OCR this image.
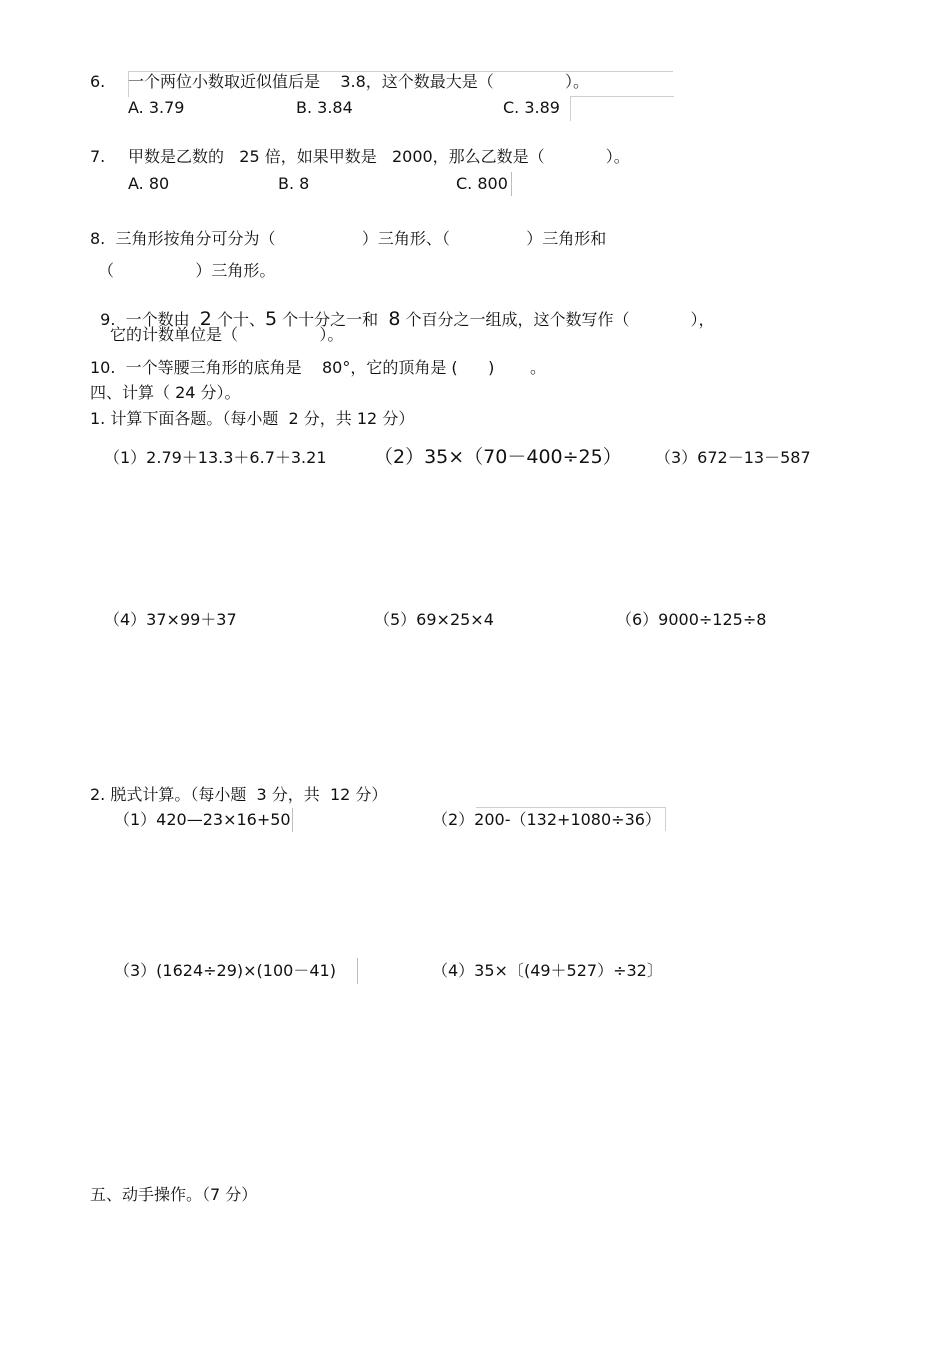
6. 一个两位小数取近似值后是    3.8，这个数最大是（              ）。
A. 3.79	B. 3.84	C. 3.89
7. 甲数是乙数的   25 倍，如果甲数是   2000，那么乙数是（            ）。
A. 80	B. 8	C. 800
8.  三角形按角分可分为（                 ）三角形、（               ）三角形和
（                ）三角形。

9.  一个数由  2 个十、5 个十分之一和  8 个百分之一组成，这个数写作（            ），

它的计数单位是（                ）。
10.  一个等腰三角形的底角是    80°，它的顶角是 (      )       。
四、计算（ 24 分）。
1. 计算下面各题。（每小题  2 分，共 12 分）
（1）2.79＋13.3＋6.7＋3.21 （2）35×（70－400÷25） （3）672－13－587
（4）37×99＋37	（5）69×25×4	（6）9000÷125÷8
2. 脱式计算。（每小题  3 分，共  12 分）
（1）420—23×16+50	（2）200-（132+1080÷36）
（3）(1624÷29)×(100－41)	（4）35×〔(49＋527）÷32〕
五、动手操作。（7 分）
